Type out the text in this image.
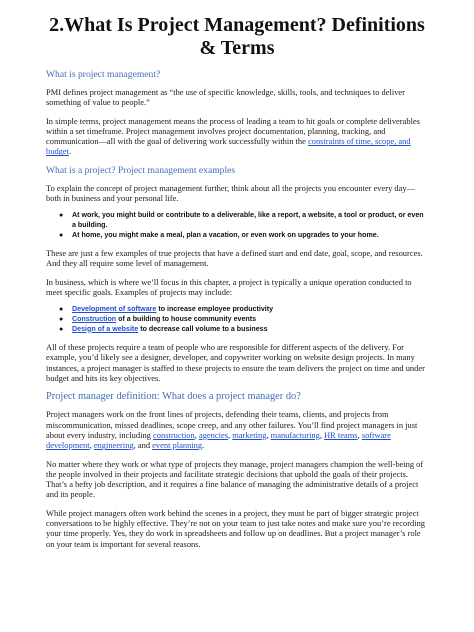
2.What Is Project Management? Definitions & Terms
What is project management?

PMI defines project management as “the use of specific knowledge, skills, tools, and techniques to deliver something of value to people.”

In simple terms, project management means the process of leading a team to hit goals or complete deliverables within a set timeframe. Project management involves project documentation, planning, tracking, and communication—all with the goal of delivering work successfully within the constraints of time, scope, and budget.

What is a project? Project management examples

To explain the concept of project management further, think about all the projects you encounter every day—both in business and your personal life.

● At work, you might build or contribute to a deliverable, like a report, a website, a tool or product, or even a building.
● At home, you might make a meal, plan a vacation, or even work on upgrades to your home.

These are just a few examples of true projects that have a defined start and end date, goal, scope, and resources. And they all require some level of management.

In business, which is where we’ll focus in this chapter, a project is typically a unique operation conducted to meet specific goals. Examples of projects may include:

● Development of software to increase employee productivity
● Construction of a building to house community events
● Design of a website to decrease call volume to a business

All of these projects require a team of people who are responsible for different aspects of the delivery. For example, you’d likely see a designer, developer, and copywriter working on website design projects. In many instances, a project manager is staffed to these projects to ensure the team delivers the project on time and under budget and hits its key objectives.

Project manager definition: What does a project manager do?

Project managers work on the front lines of projects, defending their teams, clients, and projects from miscommunication, missed deadlines, scope creep, and any other failures. You’ll find project managers in just about every industry, including construction, agencies, marketing, manufacturing, HR teams, software development, engineering, and event planning.

No matter where they work or what type of projects they manage, project managers champion the well-being of the people involved in their projects and facilitate strategic decisions that uphold the goals of their projects. That’s a hefty job description, and it requires a fine balance of managing the administrative details of a project and its people.

While project managers often work behind the scenes in a project, they must be part of bigger strategic project conversations to be highly effective. They’re not on your team to just take notes and make sure you’re recording your time properly. Yes, they do work in spreadsheets and follow up on deadlines. But a project manager’s role on your team is important for several reasons.
